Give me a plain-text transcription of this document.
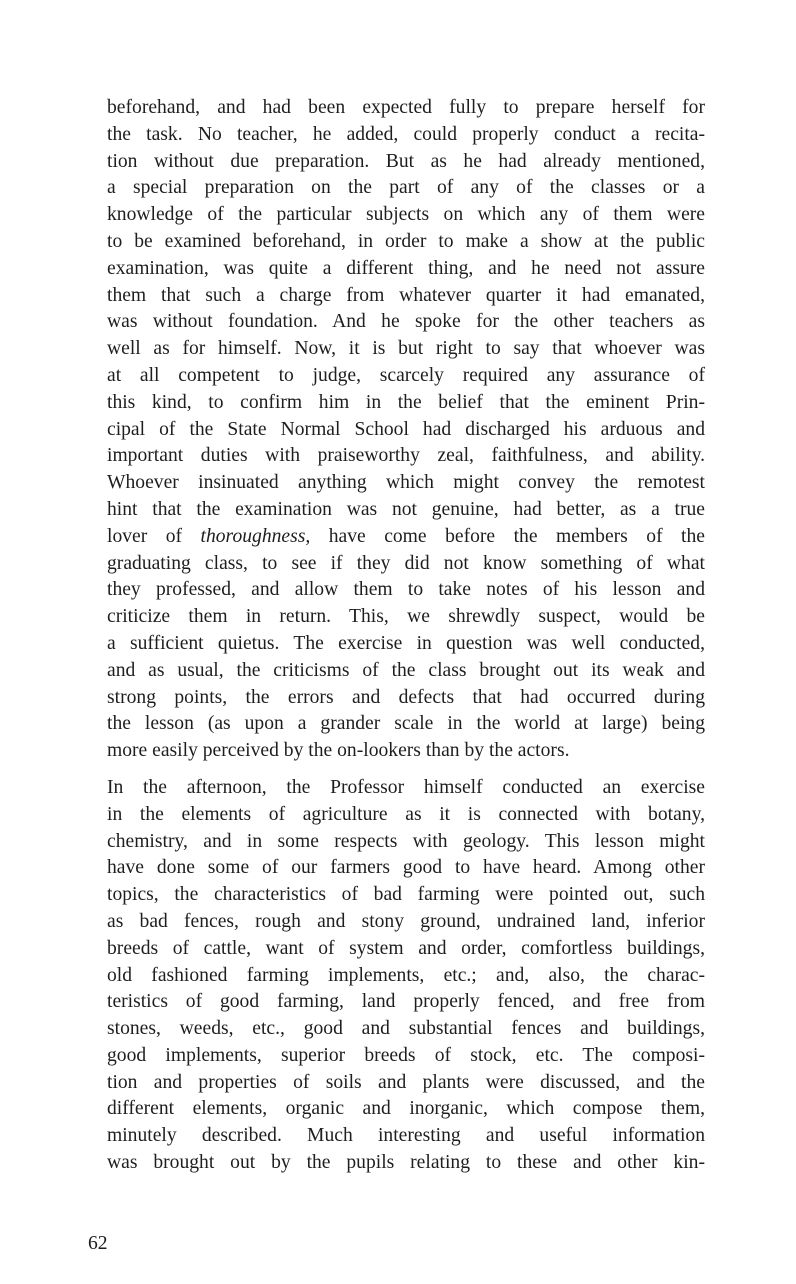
beforehand, and had been expected fully to prepare herself for
the task. No teacher, he added, could properly conduct a recita-
tion without due preparation. But as he had already mentioned,
a special preparation on the part of any of the classes or a
knowledge of the particular subjects on which any of them were
to be examined beforehand, in order to make a show at the public
examination, was quite a different thing, and he need not assure
them that such a charge from whatever quarter it had emanated,
was without foundation. And he spoke for the other teachers as
well as for himself. Now, it is but right to say that whoever was
at all competent to judge, scarcely required any assurance of
this kind, to confirm him in the belief that the eminent Prin-
cipal of the State Normal School had discharged his arduous and
important duties with praiseworthy zeal, faithfulness, and ability.
Whoever insinuated anything which might convey the remotest
hint that the examination was not genuine, had better, as a true
lover of thoroughness, have come before the members of the
graduating class, to see if they did not know something of what
they professed, and allow them to take notes of his lesson and
criticize them in return. This, we shrewdly suspect, would be
a sufficient quietus. The exercise in question was well conducted,
and as usual, the criticisms of the class brought out its weak and
strong points, the errors and defects that had occurred during
the lesson (as upon a grander scale in the world at large) being
more easily perceived by the on-lookers than by the actors.

In the afternoon, the Professor himself conducted an exercise
in the elements of agriculture as it is connected with botany,
chemistry, and in some respects with geology. This lesson might
have done some of our farmers good to have heard. Among other
topics, the characteristics of bad farming were pointed out, such
as bad fences, rough and stony ground, undrained land, inferior
breeds of cattle, want of system and order, comfortless buildings,
old fashioned farming implements, etc.; and, also, the charac-
teristics of good farming, land properly fenced, and free from
stones, weeds, etc., good and substantial fences and buildings,
good implements, superior breeds of stock, etc. The composi-
tion and properties of soils and plants were discussed, and the
different elements, organic and inorganic, which compose them,
minutely described. Much interesting and useful information
was brought out by the pupils relating to these and other kin-

62
